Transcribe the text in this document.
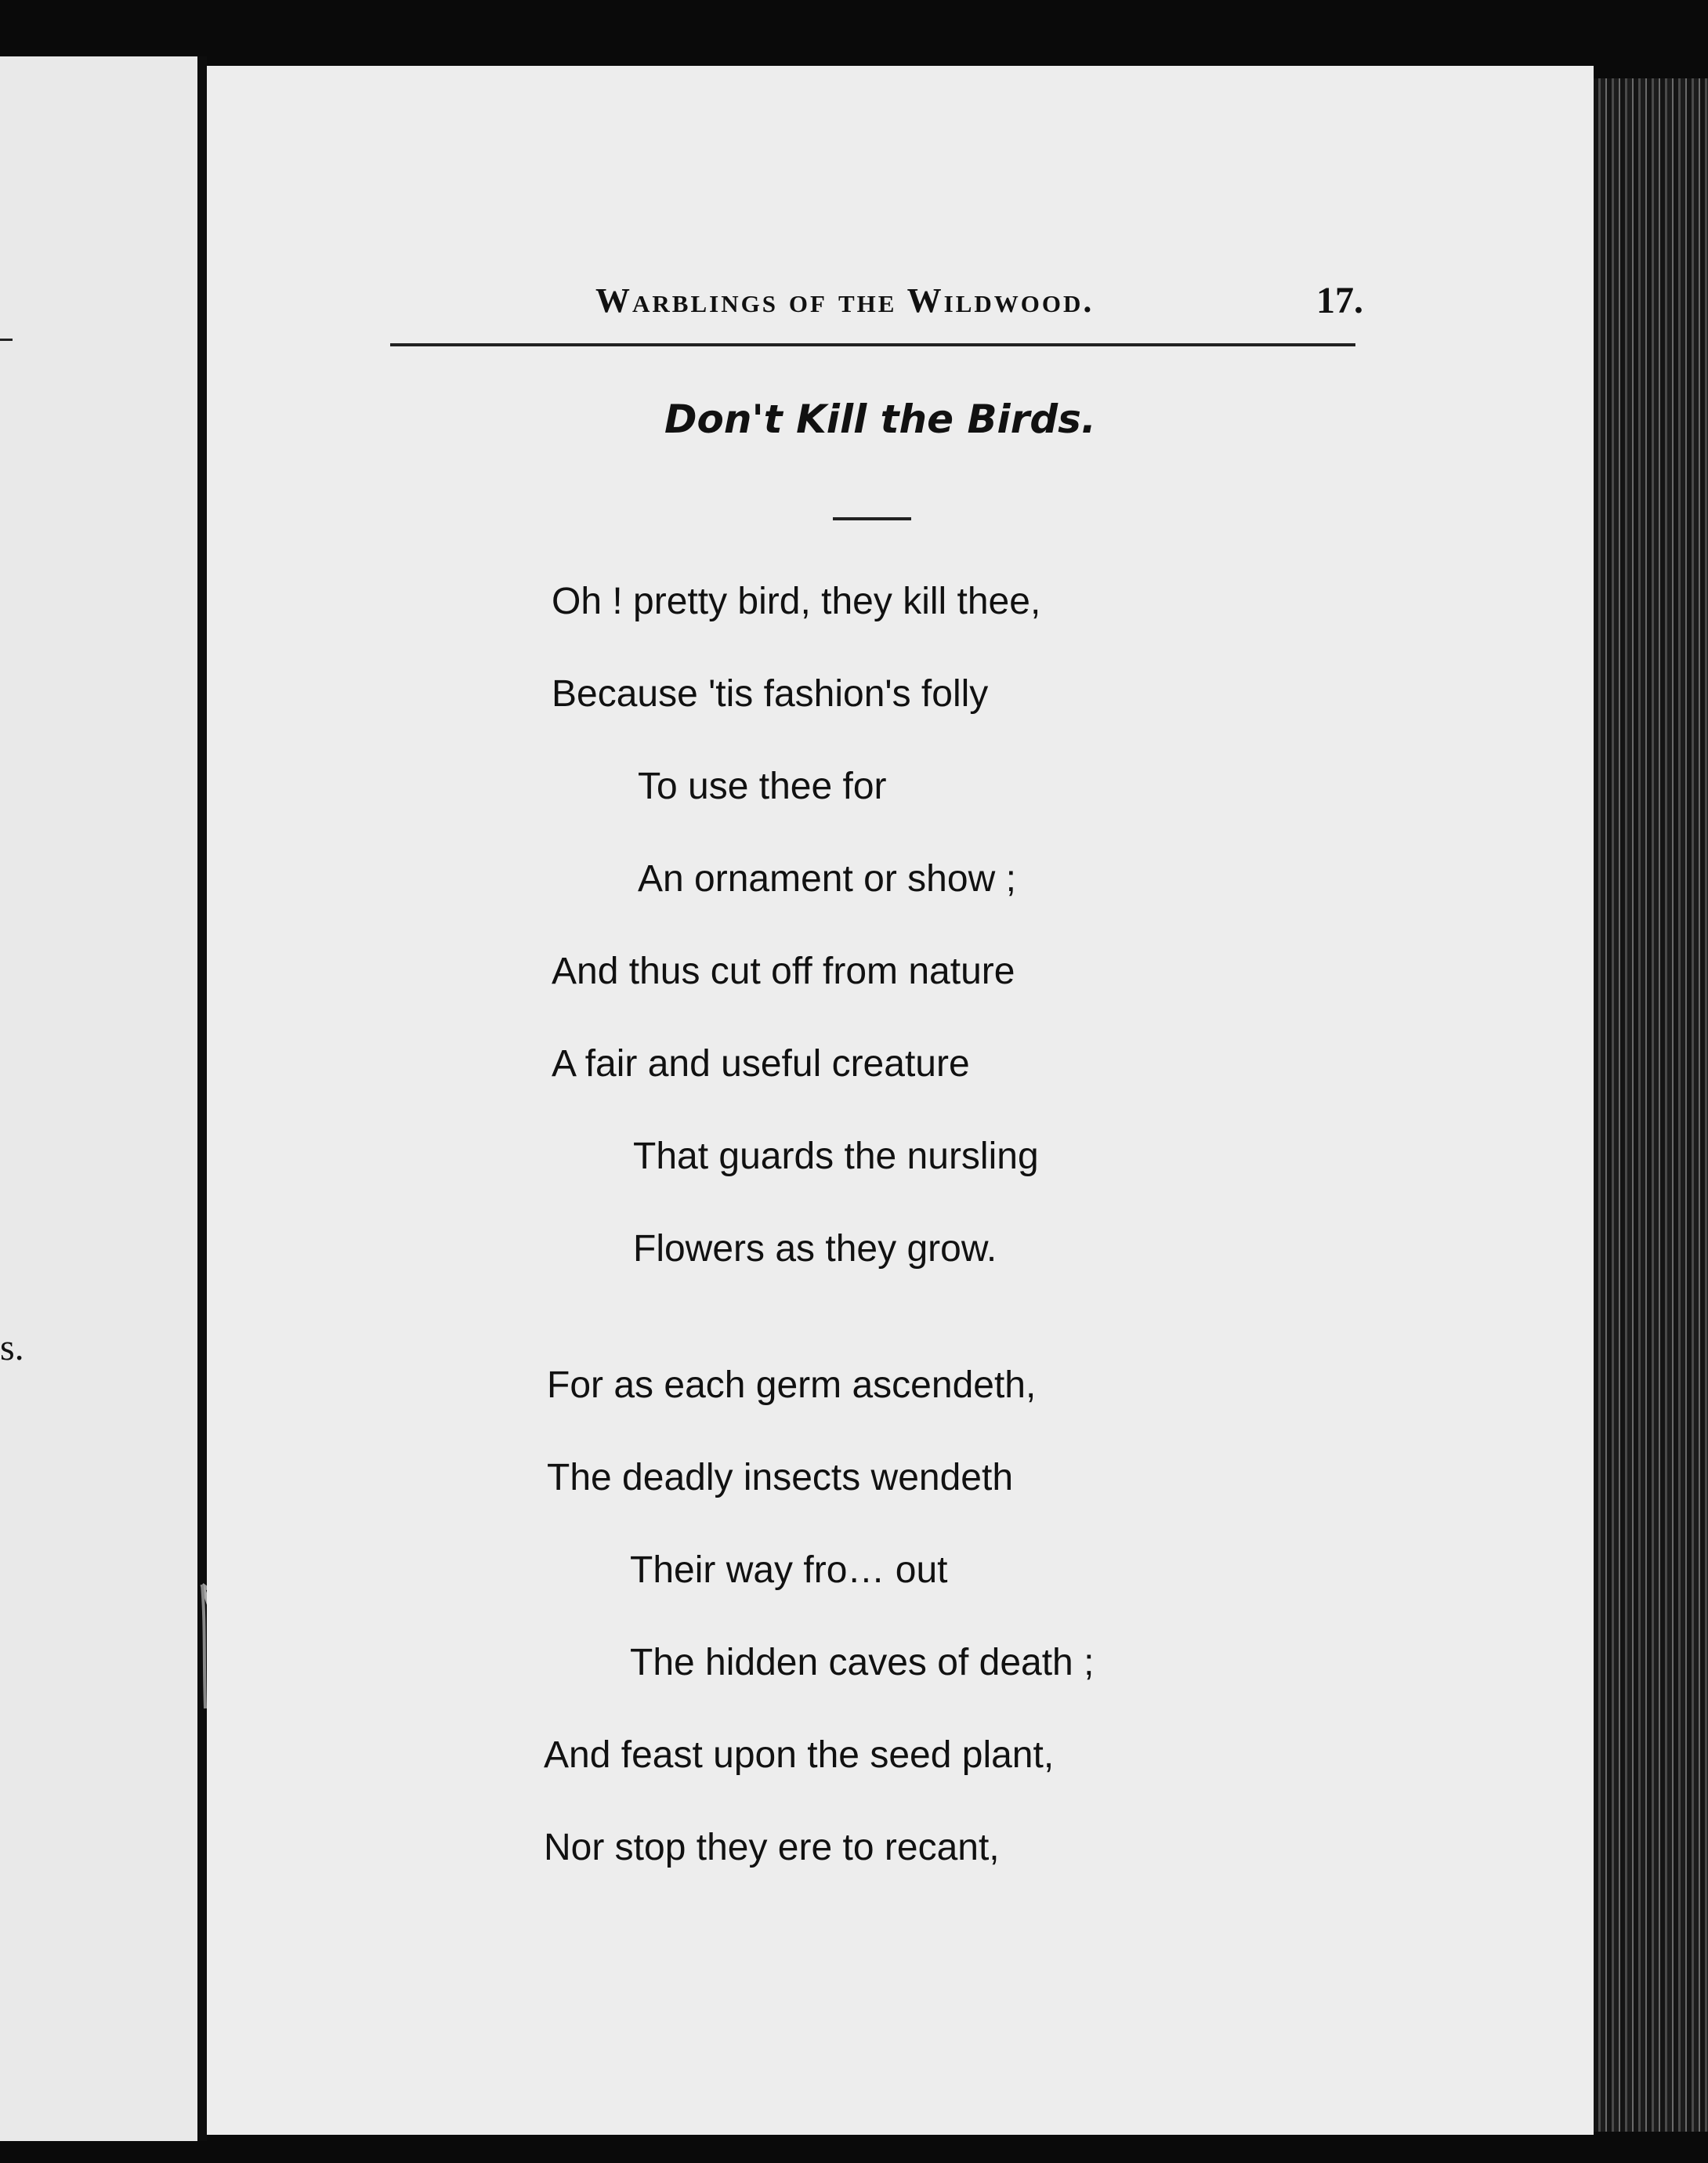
s.
Warblings of the Wildwood.	17.
Don't Kill the Birds.

Oh ! pretty bird, they kill thee,

Because 'tis fashion's folly

To use thee for

An ornament or show ;

And thus cut off from nature

A fair and useful creature

That guards the nursling

Flowers as they grow.

For as each germ ascendeth,

The deadly insects wendeth

Their way fro… out

The hidden caves of death ;

And feast upon the seed plant,

Nor stop they ere to recant,
